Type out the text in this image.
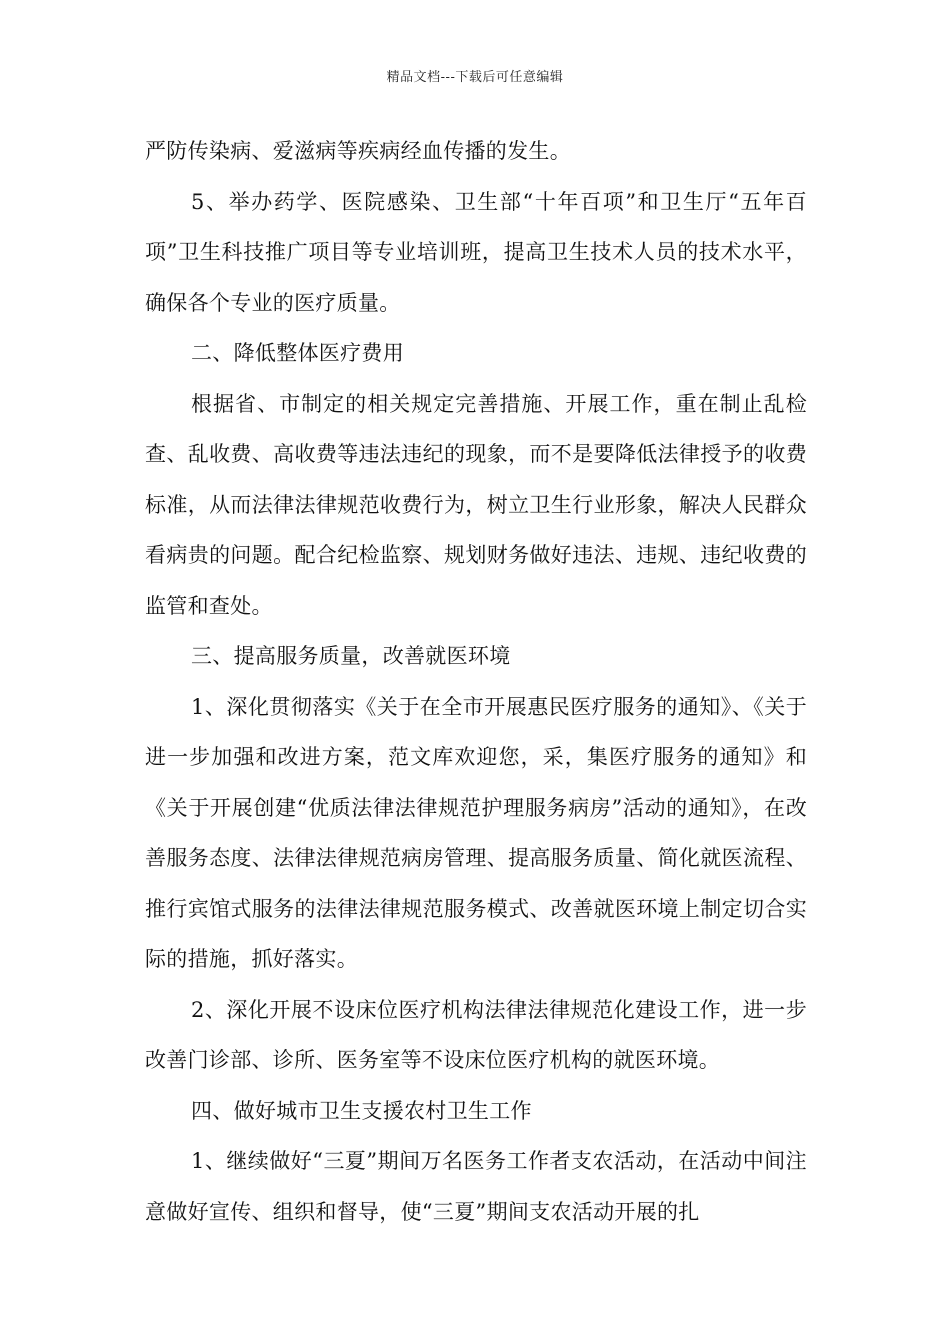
精品文档---下载后可任意编辑

严防传染病、爱滋病等疾病经血传播的发生。

5、举办药学、医院感染、卫生部“十年百项”和卫生厅“五年百项”卫生科技推广项目等专业培训班，提高卫生技术人员的技术水平，确保各个专业的医疗质量。

二、降低整体医疗费用

根据省、市制定的相关规定完善措施、开展工作，重在制止乱检查、乱收费、高收费等违法违纪的现象，而不是要降低法律授予的收费标准，从而法律法律规范收费行为，树立卫生行业形象，解决人民群众看病贵的问题。配合纪检监察、规划财务做好违法、违规、违纪收费的监管和查处。

三、提高服务质量，改善就医环境

1、深化贯彻落实《关于在全市开展惠民医疗服务的通知》、《关于进一步加强和改进方案，范文库欢迎您，采，集医疗服务的通知》和《关于开展创建“优质法律法律规范护理服务病房”活动的通知》，在改善服务态度、法律法律规范病房管理、提高服务质量、简化就医流程、推行宾馆式服务的法律法律规范服务模式、改善就医环境上制定切合实际的措施，抓好落实。

2、深化开展不设床位医疗机构法律法律规范化建设工作，进一步改善门诊部、诊所、医务室等不设床位医疗机构的就医环境。

四、做好城市卫生支援农村卫生工作

1、继续做好“三夏”期间万名医务工作者支农活动，在活动中间注意做好宣传、组织和督导，使“三夏”期间支农活动开展的扎
